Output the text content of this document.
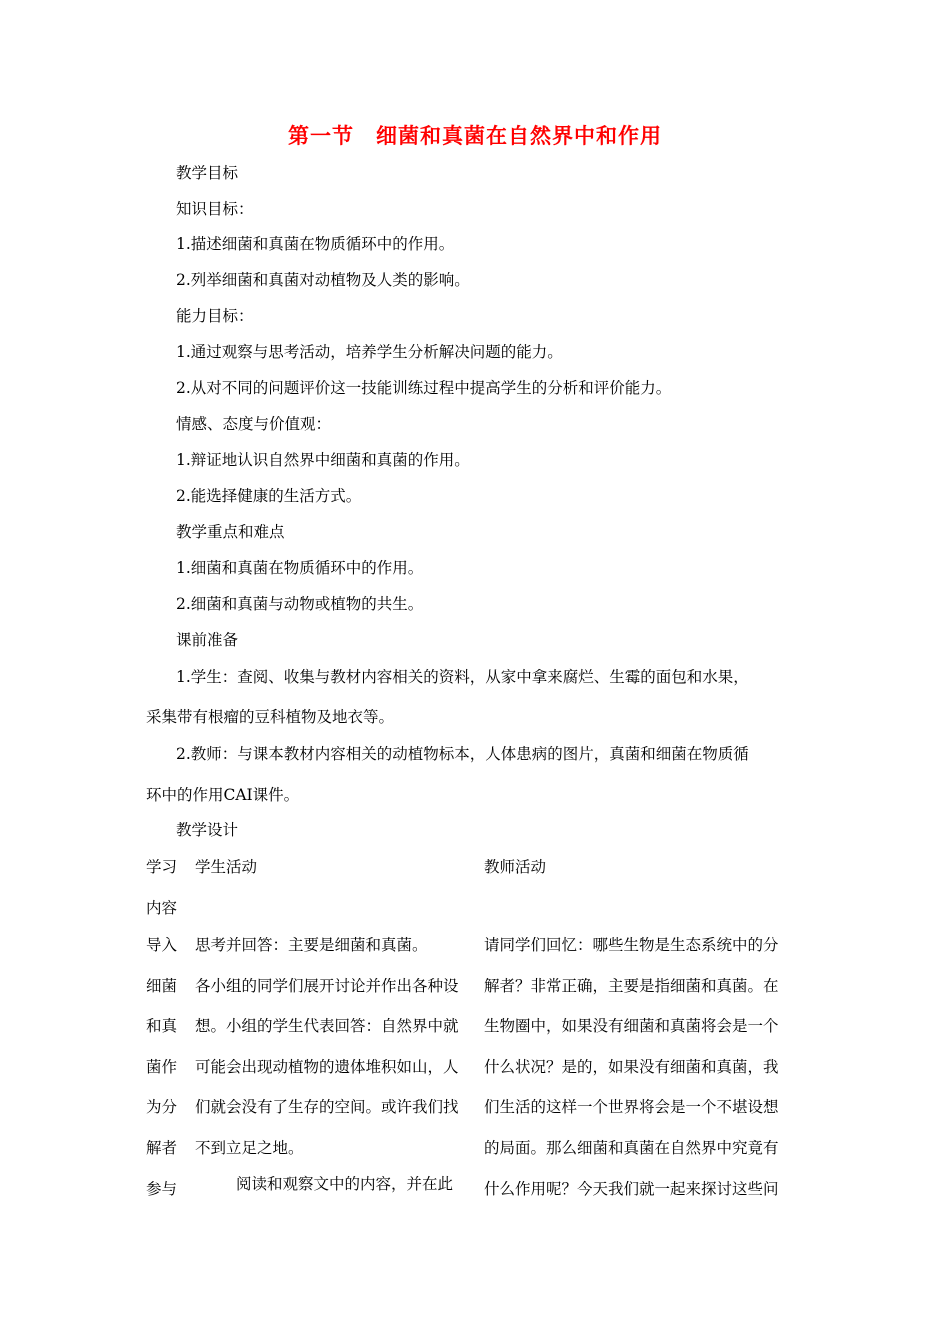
第一节　细菌和真菌在自然界中和作用
教学目标
知识目标：
1.描述细菌和真菌在物质循环中的作用。
2.列举细菌和真菌对动植物及人类的影响。
能力目标：
1.通过观察与思考活动，培养学生分析解决问题的能力。
2.从对不同的问题评价这一技能训练过程中提高学生的分析和评价能力。
情感、态度与价值观：
1.辩证地认识自然界中细菌和真菌的作用。
2.能选择健康的生活方式。
教学重点和难点
1.细菌和真菌在物质循环中的作用。
2.细菌和真菌与动物或植物的共生。
课前准备
1.学生：查阅、收集与教材内容相关的资料，从家中拿来腐烂、生霉的面包和水果，
采集带有根瘤的豆科植物及地衣等。
2.教师：与课本教材内容相关的动植物标本，人体患病的图片，真菌和细菌在物质循
环中的作用CAI课件。
教学设计
学习
内容
学生活动	教师活动
导入
细菌
和真
菌作
为分
解者
参与
思考并回答：主要是细菌和真菌。
各小组的同学们展开讨论并作出各种设
想。小组的学生代表回答：自然界中就
可能会出现动植物的遗体堆积如山，人
们就会没有了生存的空间。或许我们找
不到立足之地。
阅读和观察文中的内容，并在此
请同学们回忆：哪些生物是生态系统中的分
解者？非常正确，主要是指细菌和真菌。在
生物圈中，如果没有细菌和真菌将会是一个
什么状况？是的，如果没有细菌和真菌，我
们生活的这样一个世界将会是一个不堪设想
的局面。那么细菌和真菌在自然界中究竟有
什么作用呢？今天我们就一起来探讨这些问
